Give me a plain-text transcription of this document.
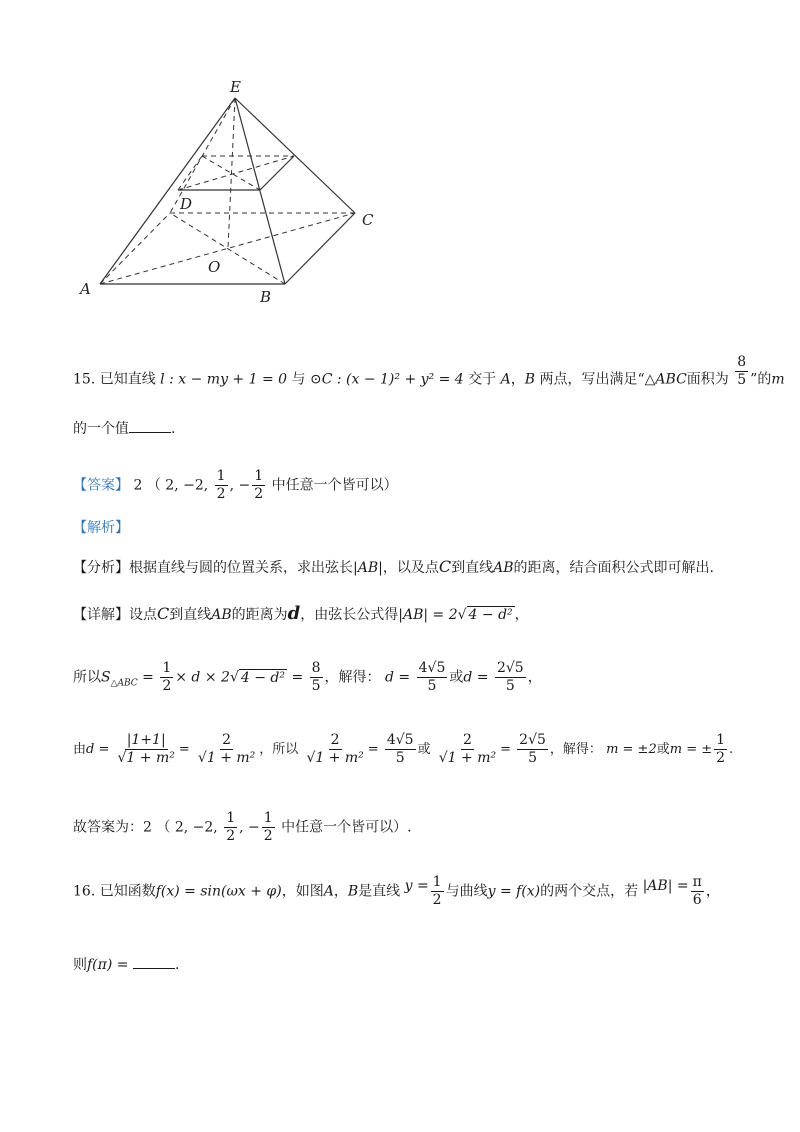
E
D
C
O
A	B
15. 已知直线 l : x − my + 1 = 0 与 ⊙C : (x − 1)² + y² = 4 交于 A，B 两点，写出满足“△ABC面积为 $\frac{8}{5}$ ”的m
的一个值	.
【答案】 2 （ 2, −2, $\frac{1}{2}$ , − $\frac{1}{2}$ 中任意一个皆可以）
【解析】
【分析】根据直线与圆的位置关系，求出弦长|AB|，以及点C到直线AB的距离，结合面积公式即可解出.
【详解】设点C到直线AB的距离为d，由弦长公式得|AB| = 2√ 4 − d² ，
所以$S_{\triangle ABC} = \frac{1}{2} \times d \times 2√$ $4 - d^2 = \frac{8}{5}$ ，解得： $d = \frac{4√5}{5}$ 或$d = \frac{2√5}{5}$ ，
由$d = \frac{|1+1|}{\text{√1 + m²}} = \frac{2}{\text{√1 + m²}}$ ，所以 $\frac{2}{\text{√1 + m²}} = \frac{4√5}{5}$ 或 $\frac{2}{\text{√1 + m²}} = \frac{2√5}{5}$ ，解得： m = ±2或m = ± $\frac{1}{2}$ .
故答案为：2 （ 2, −2, $\frac{1}{2}$ , − $\frac{1}{2}$ 中任意一个皆可以）.
16. 已知函数f(x) = sin(ωx + φ)，如图A，B是直线 $y = \frac{1}{2}$ 与曲线y = f(x)的两个交点，若 $|AB| = \frac{\pi}{6}$ ，
则f(π) =	.
